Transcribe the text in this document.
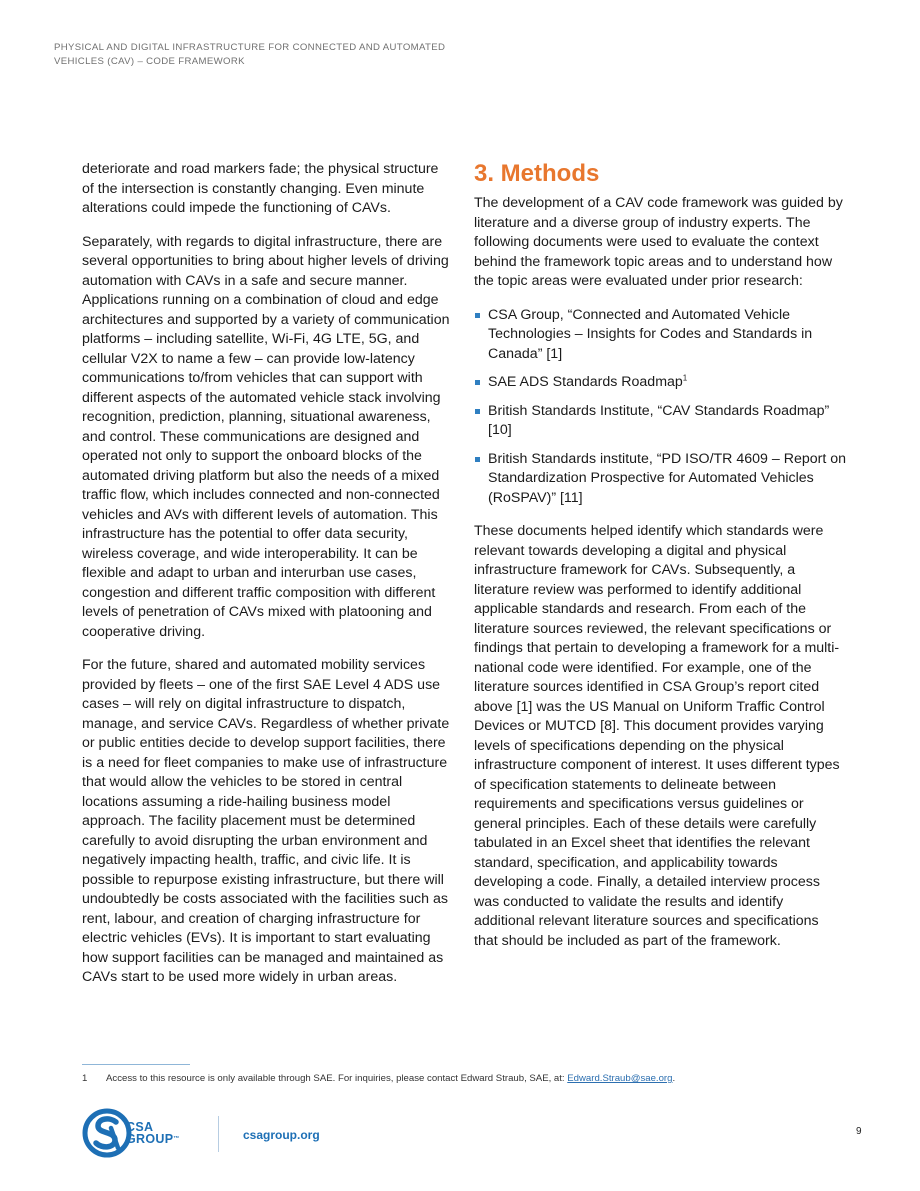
PHYSICAL AND DIGITAL INFRASTRUCTURE FOR CONNECTED AND AUTOMATED
VEHICLES (CAV) – CODE FRAMEWORK

deteriorate and road markers fade; the physical structure of the intersection is constantly changing. Even minute alterations could impede the functioning of CAVs.

Separately, with regards to digital infrastructure, there are several opportunities to bring about higher levels of driving automation with CAVs in a safe and secure manner. Applications running on a combination of cloud and edge architectures and supported by a variety of communication platforms – including satellite, Wi-Fi, 4G LTE, 5G, and cellular V2X to name a few – can provide low-latency communications to/from vehicles that can support with different aspects of the automated vehicle stack involving recognition, prediction, planning, situational awareness, and control. These communications are designed and operated not only to support the onboard blocks of the automated driving platform but also the needs of a mixed traffic flow, which includes connected and non-connected vehicles and AVs with different levels of automation. This infrastructure has the potential to offer data security, wireless coverage, and wide interoperability. It can be flexible and adapt to urban and interurban use cases, congestion and different traffic composition with different levels of penetration of CAVs mixed with platooning and cooperative driving.

For the future, shared and automated mobility services provided by fleets – one of the first SAE Level 4 ADS use cases – will rely on digital infrastructure to dispatch, manage, and service CAVs. Regardless of whether private or public entities decide to develop support facilities, there is a need for fleet companies to make use of infrastructure that would allow the vehicles to be stored in central locations assuming a ride-hailing business model approach. The facility placement must be determined carefully to avoid disrupting the urban environment and negatively impacting health, traffic, and civic life. It is possible to repurpose existing infrastructure, but there will undoubtedly be costs associated with the facilities such as rent, labour, and creation of charging infrastructure for electric vehicles (EVs). It is important to start evaluating how support facilities can be managed and maintained as CAVs start to be used more widely in urban areas.

3. Methods

The development of a CAV code framework was guided by literature and a diverse group of industry experts. The following documents were used to evaluate the context behind the framework topic areas and to understand how the topic areas were evaluated under prior research:

CSA Group, “Connected and Automated Vehicle Technologies – Insights for Codes and Standards in Canada” [1]
SAE ADS Standards Roadmap$^1$
British Standards Institute, “CAV Standards Roadmap” [10]
British Standards institute, “PD ISO/TR 4609 – Report on Standardization Prospective for Automated Vehicles (RoSPAV)” [11]

These documents helped identify which standards were relevant towards developing a digital and physical infrastructure framework for CAVs. Subsequently, a literature review was performed to identify additional applicable standards and research. From each of the literature sources reviewed, the relevant specifications or findings that pertain to developing a framework for a multi-national code were identified. For example, one of the literature sources identified in CSA Group’s report cited above [1] was the US Manual on Uniform Traffic Control Devices or MUTCD [8]. This document provides varying levels of specifications depending on the physical infrastructure component of interest. It uses different types of specification statements to delineate between requirements and specifications versus guidelines or general principles. Each of these details were carefully tabulated in an Excel sheet that identifies the relevant standard, specification, and applicability towards developing a code. Finally, a detailed interview process was conducted to validate the results and identify additional relevant literature sources and specifications that should be included as part of the framework.

1 Access to this resource is only available through SAE. For inquiries, please contact Edward Straub, SAE, at: Edward.Straub@sae.org.
CSA
GROUP™	csagroup.org	9
